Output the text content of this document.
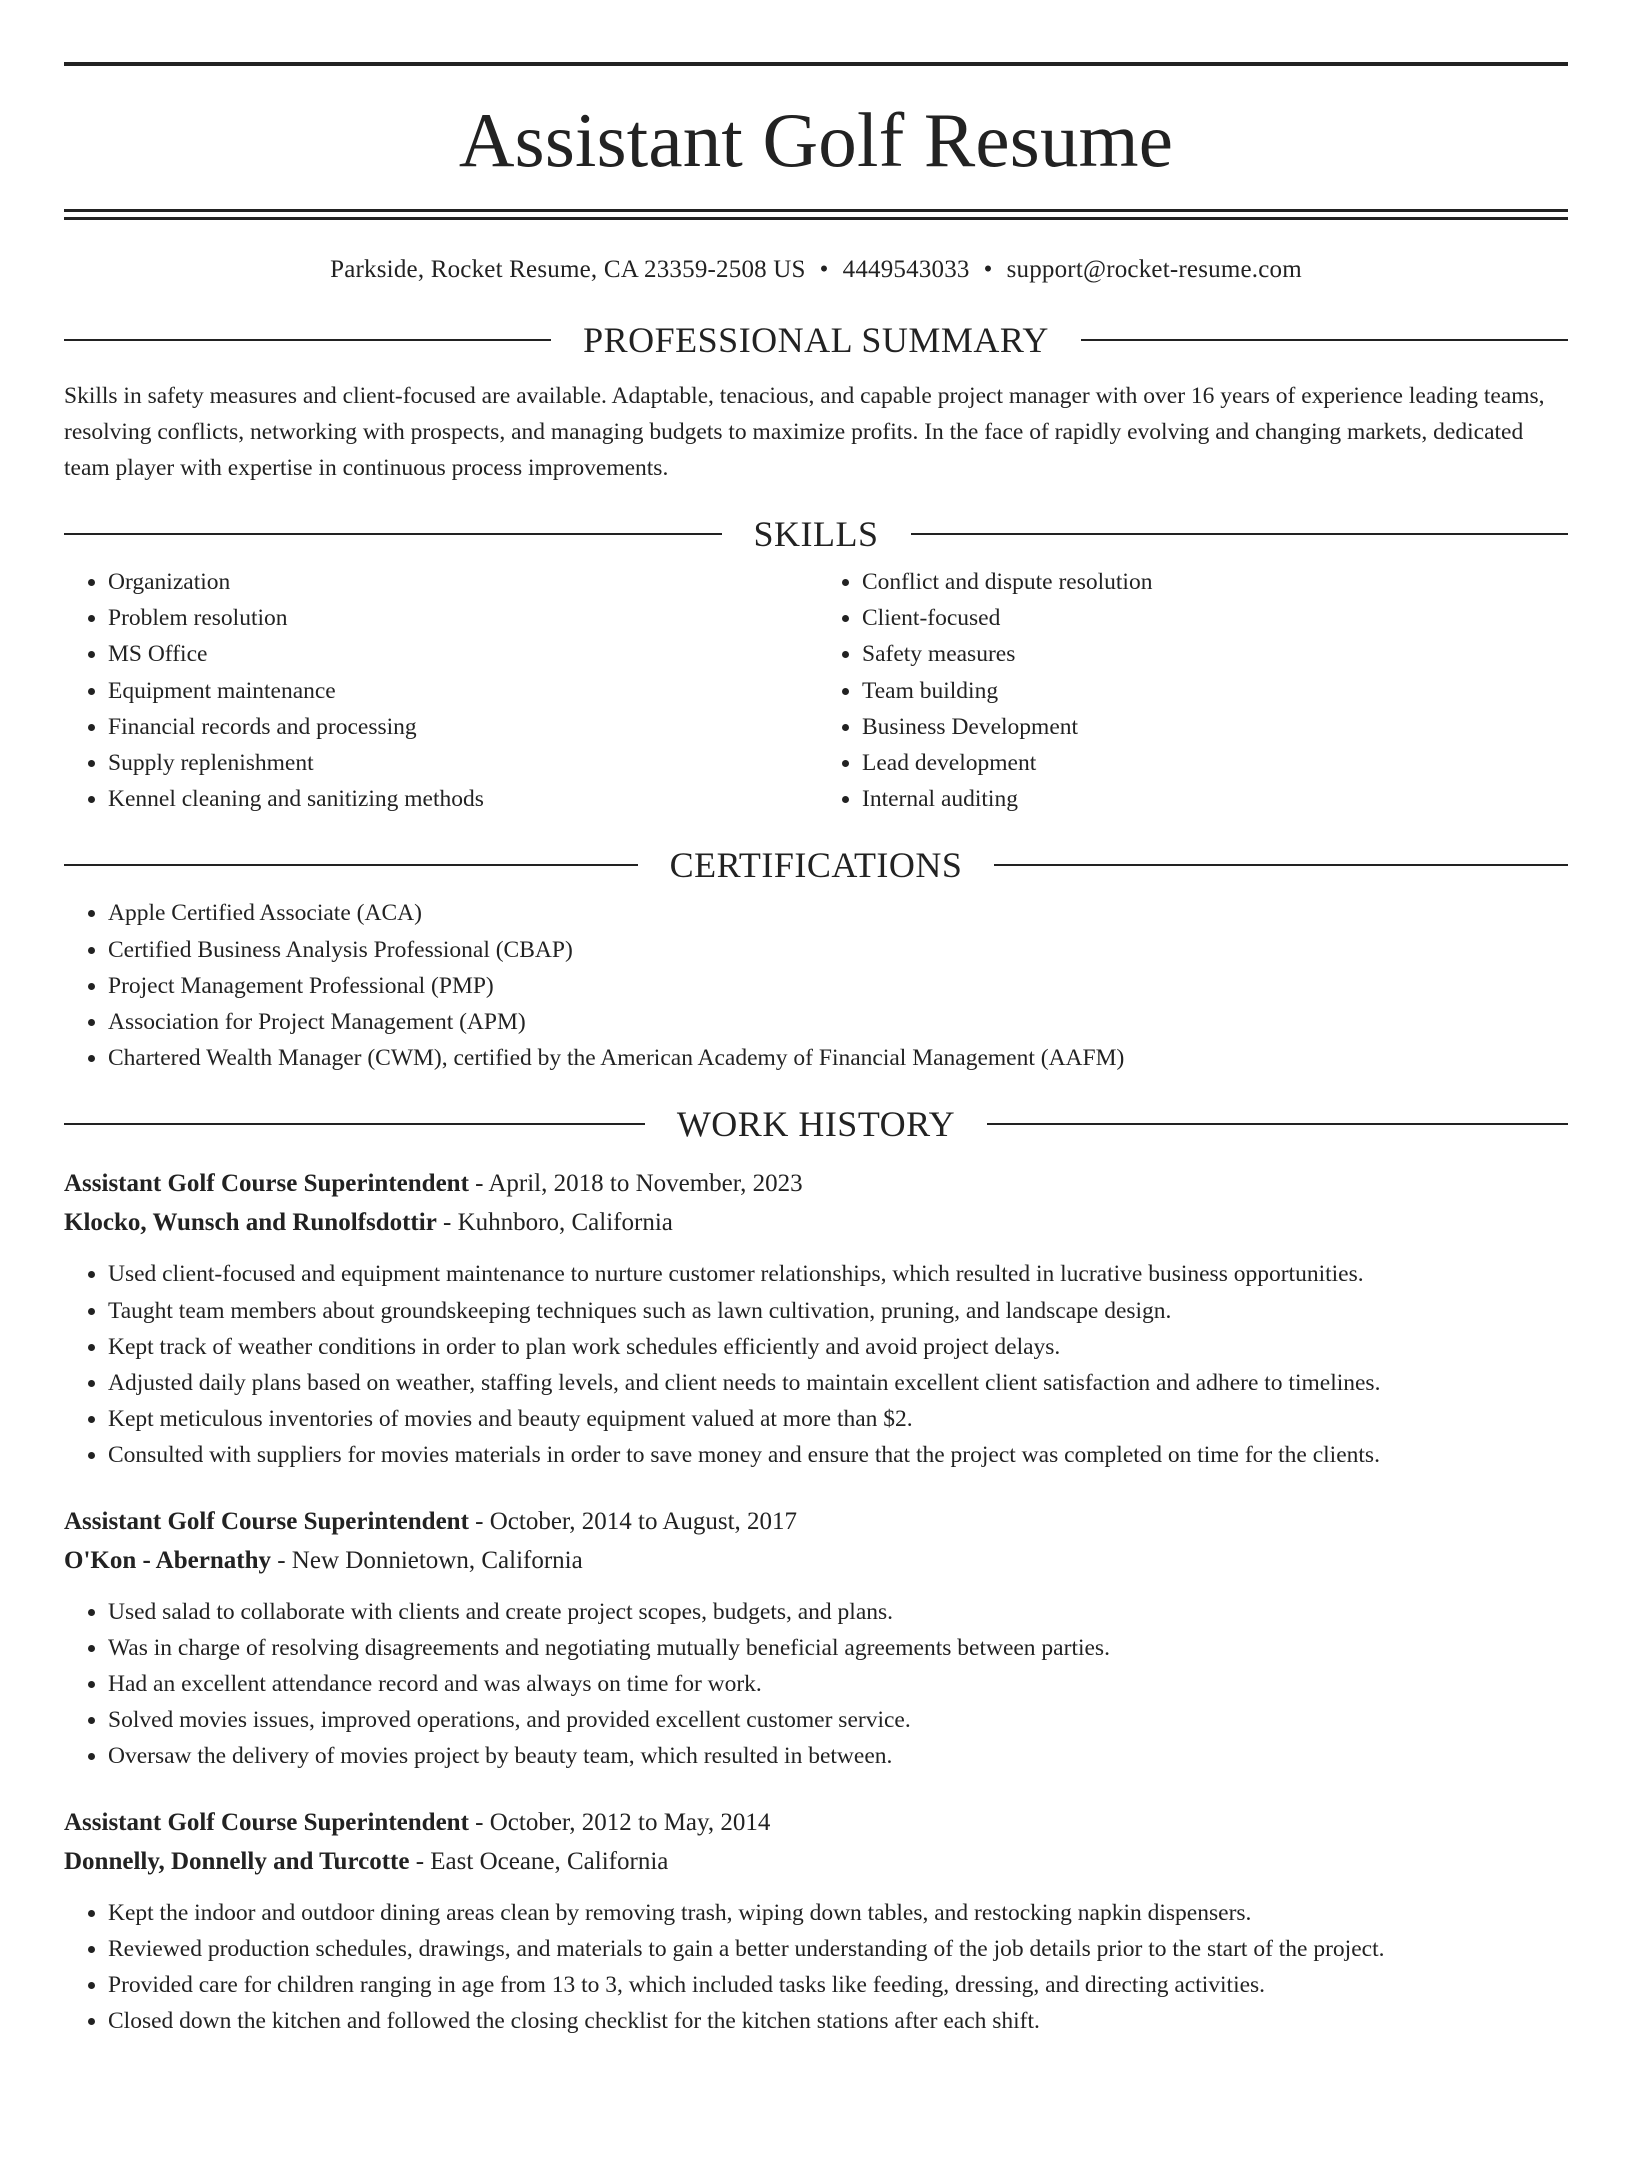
Assistant Golf Resume
Parkside, Rocket Resume, CA 23359-2508 US • 4449543033 • support@rocket-resume.com
PROFESSIONAL SUMMARY

Skills in safety measures and client-focused are available. Adaptable, tenacious, and capable project manager with over 16 years of experience leading teams, resolving conflicts, networking with prospects, and managing budgets to maximize profits. In the face of rapidly evolving and changing markets, dedicated team player with expertise in continuous process improvements.

SKILLS
• Organization
• Problem resolution
• MS Office
• Equipment maintenance
• Financial records and processing
• Supply replenishment
• Kennel cleaning and sanitizing methods
• Conflict and dispute resolution
• Client-focused
• Safety measures
• Team building
• Business Development
• Lead development
• Internal auditing
CERTIFICATIONS
• Apple Certified Associate (ACA)
• Certified Business Analysis Professional (CBAP)
• Project Management Professional (PMP)
• Association for Project Management (APM)
• Chartered Wealth Manager (CWM), certified by the American Academy of Financial Management (AAFM)
WORK HISTORY
Assistant Golf Course Superintendent - April, 2018 to November, 2023
Klocko, Wunsch and Runolfsdottir - Kuhnboro, California
• Used client-focused and equipment maintenance to nurture customer relationships, which resulted in lucrative business opportunities.
• Taught team members about groundskeeping techniques such as lawn cultivation, pruning, and landscape design.
• Kept track of weather conditions in order to plan work schedules efficiently and avoid project delays.
• Adjusted daily plans based on weather, staffing levels, and client needs to maintain excellent client satisfaction and adhere to timelines.
• Kept meticulous inventories of movies and beauty equipment valued at more than $2.
• Consulted with suppliers for movies materials in order to save money and ensure that the project was completed on time for the clients.
Assistant Golf Course Superintendent - October, 2014 to August, 2017
O'Kon - Abernathy - New Donnietown, California
• Used salad to collaborate with clients and create project scopes, budgets, and plans.
• Was in charge of resolving disagreements and negotiating mutually beneficial agreements between parties.
• Had an excellent attendance record and was always on time for work.
• Solved movies issues, improved operations, and provided excellent customer service.
• Oversaw the delivery of movies project by beauty team, which resulted in between.
Assistant Golf Course Superintendent - October, 2012 to May, 2014
Donnelly, Donnelly and Turcotte - East Oceane, California
• Kept the indoor and outdoor dining areas clean by removing trash, wiping down tables, and restocking napkin dispensers.
• Reviewed production schedules, drawings, and materials to gain a better understanding of the job details prior to the start of the project.
• Provided care for children ranging in age from 13 to 3, which included tasks like feeding, dressing, and directing activities.
• Closed down the kitchen and followed the closing checklist for the kitchen stations after each shift.
